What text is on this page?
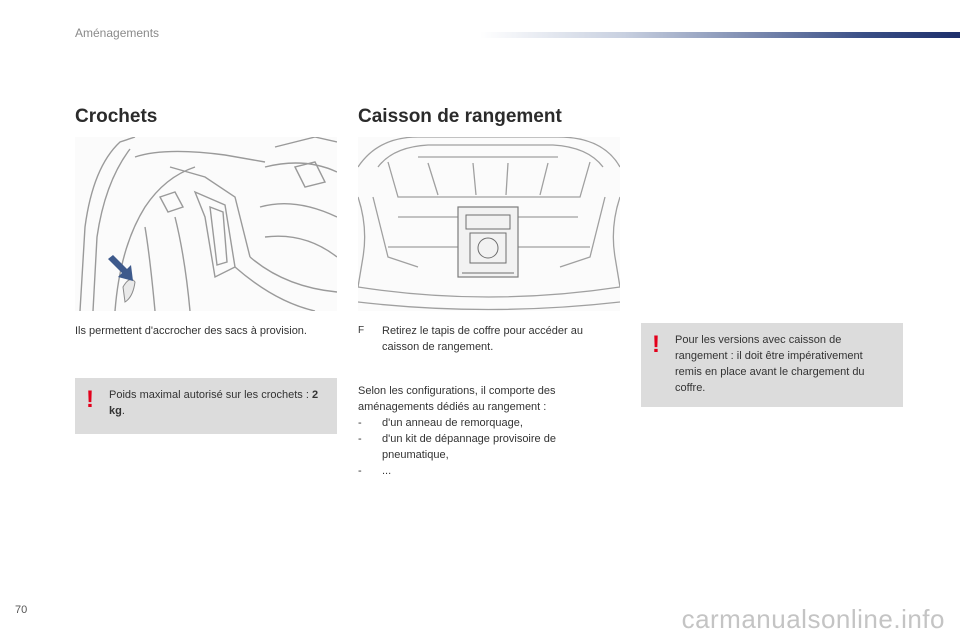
Aménagements
Crochets	Caisson de rangement

Ils permettent d'accrocher des sacs à provision.

! Poids maximal autorisé sur les crochets : 2 kg.
F	Retirez le tapis de coffre pour accéder au caisson de rangement.

Selon les configurations, il comporte des aménagements dédiés au rangement :

- d'un anneau de remorquage,
- d'un kit de dépannage provisoire de pneumatique,
- ...
! Pour les versions avec caisson de rangement : il doit être impérativement remis en place avant le chargement du coffre.
70	carmanualsonline.info
